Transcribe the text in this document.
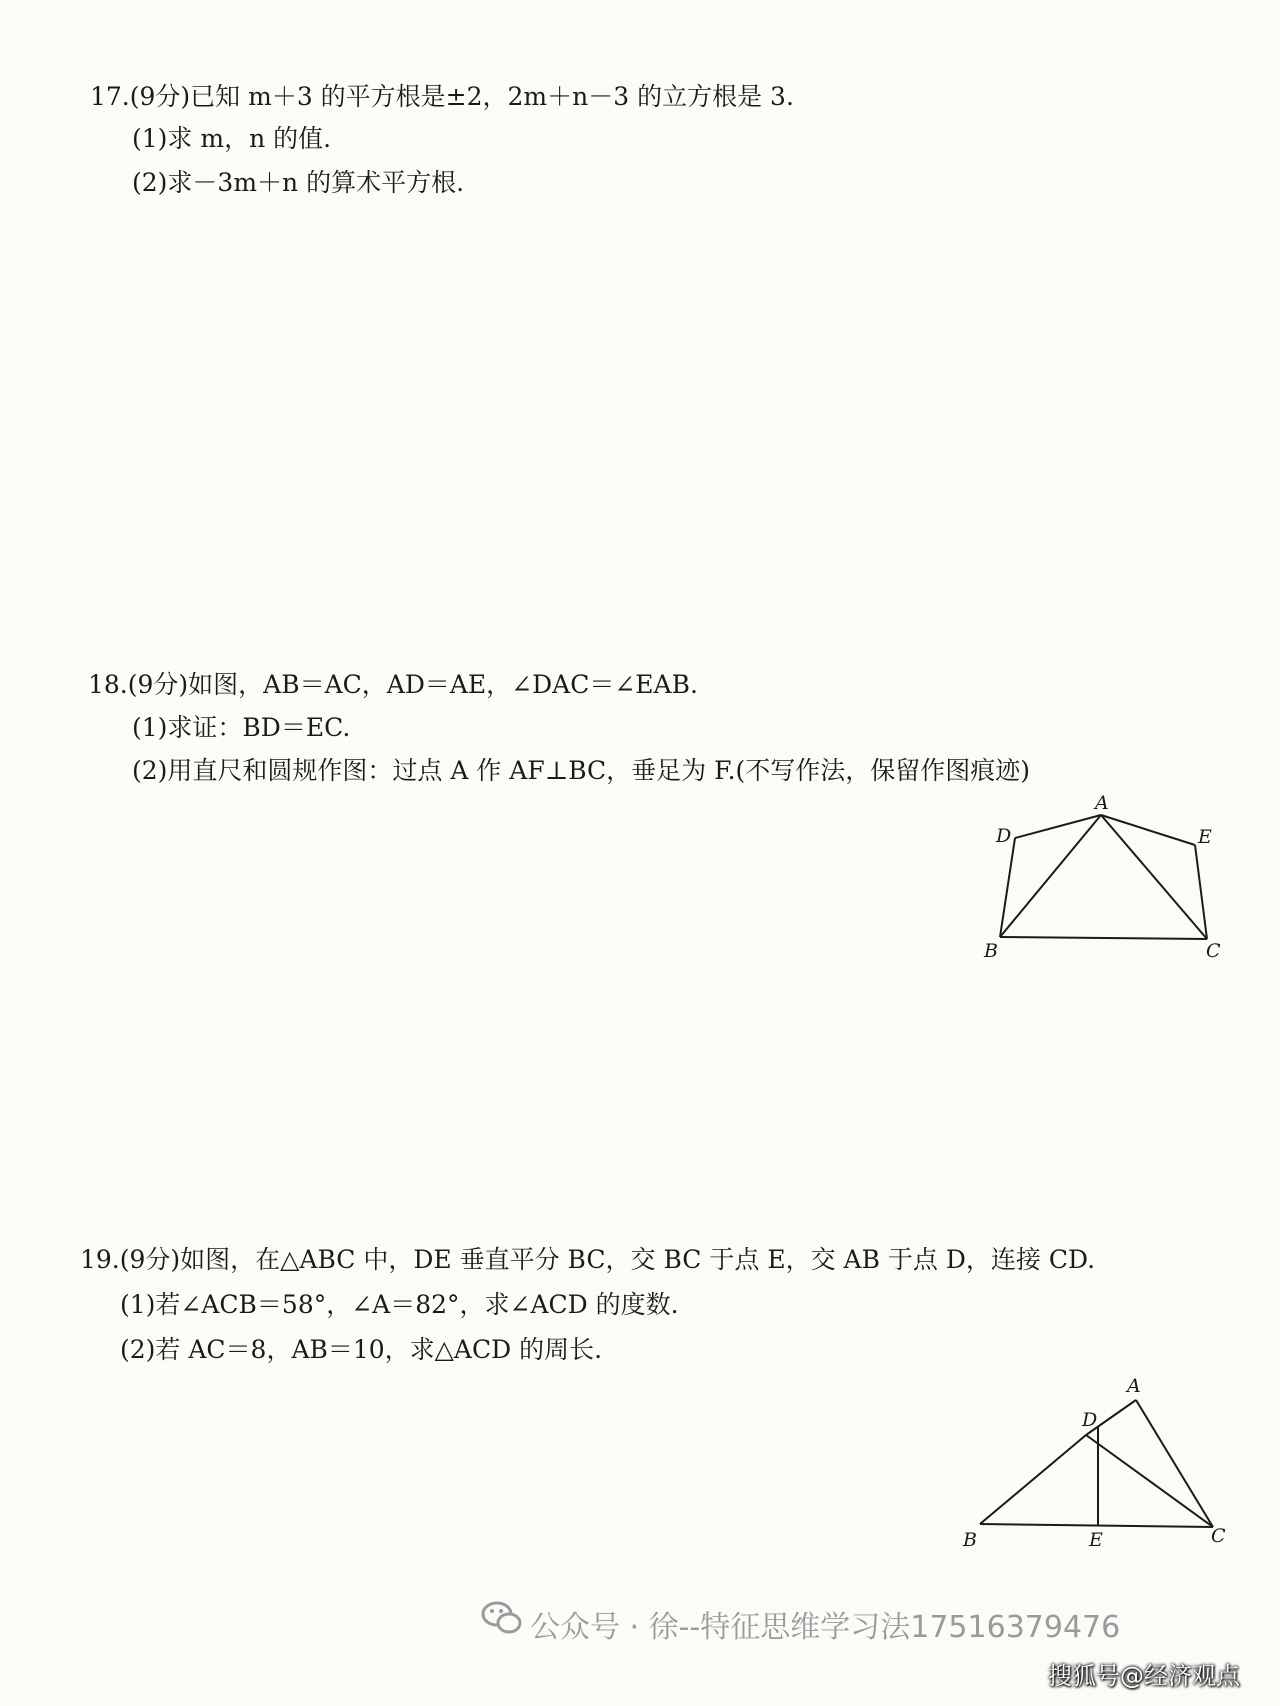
17.(9分)已知 m＋3 的平方根是±2，2m＋n－3 的立方根是 3.
(1)求 m，n 的值.
(2)求－3m＋n 的算术平方根.
18.(9分)如图，AB＝AC，AD＝AE，∠DAC＝∠EAB.
(1)求证：BD＝EC.
(2)用直尺和圆规作图：过点 A 作 AF⊥BC，垂足为 F.(不写作法，保留作图痕迹)
A
D	E
B	C
19.(9分)如图，在△ABC 中，DE 垂直平分 BC，交 BC 于点 E，交 AB 于点 D，连接 CD.
(1)若∠ACB＝58°，∠A＝82°，求∠ACD 的度数.
(2)若 AC＝8，AB＝10，求△ACD 的周长.
A
D
B	E	C
公众号 · 徐--特征思维学习法17516379476
搜狐号@经济观点
